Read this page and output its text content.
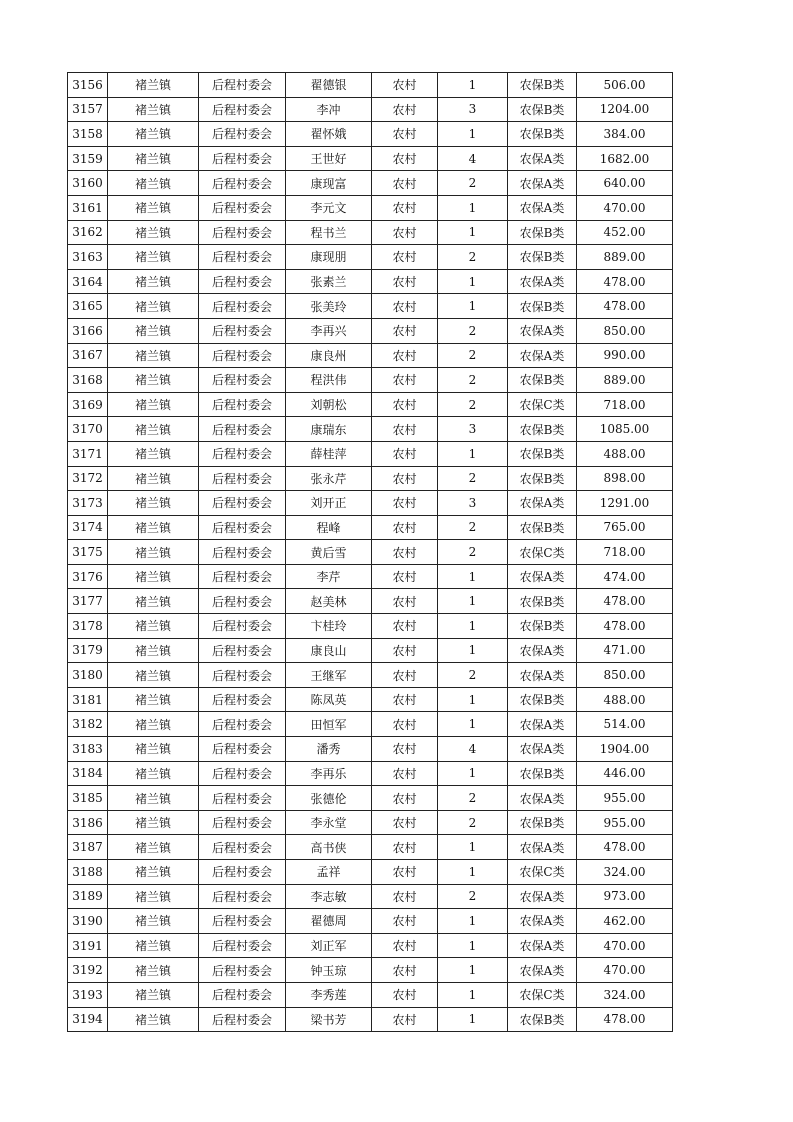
3156	褚兰镇	后程村委会	翟德银	农村	1	农保B类	506.00
3157	褚兰镇	后程村委会	李冲	农村	3	农保B类	1204.00
3158	褚兰镇	后程村委会	翟怀娥	农村	1	农保B类	384.00
3159	褚兰镇	后程村委会	王世好	农村	4	农保A类	1682.00
3160	褚兰镇	后程村委会	康现富	农村	2	农保A类	640.00
3161	褚兰镇	后程村委会	李元文	农村	1	农保A类	470.00
3162	褚兰镇	后程村委会	程书兰	农村	1	农保B类	452.00
3163	褚兰镇	后程村委会	康现朋	农村	2	农保B类	889.00
3164	褚兰镇	后程村委会	张素兰	农村	1	农保A类	478.00
3165	褚兰镇	后程村委会	张美玲	农村	1	农保B类	478.00
3166	褚兰镇	后程村委会	李再兴	农村	2	农保A类	850.00
3167	褚兰镇	后程村委会	康良州	农村	2	农保A类	990.00
3168	褚兰镇	后程村委会	程洪伟	农村	2	农保B类	889.00
3169	褚兰镇	后程村委会	刘朝松	农村	2	农保C类	718.00
3170	褚兰镇	后程村委会	康瑞东	农村	3	农保B类	1085.00
3171	褚兰镇	后程村委会	薛桂萍	农村	1	农保B类	488.00
3172	褚兰镇	后程村委会	张永芹	农村	2	农保B类	898.00
3173	褚兰镇	后程村委会	刘开正	农村	3	农保A类	1291.00
3174	褚兰镇	后程村委会	程峰	农村	2	农保B类	765.00
3175	褚兰镇	后程村委会	黄后雪	农村	2	农保C类	718.00
3176	褚兰镇	后程村委会	李芹	农村	1	农保A类	474.00
3177	褚兰镇	后程村委会	赵美林	农村	1	农保B类	478.00
3178	褚兰镇	后程村委会	卞桂玲	农村	1	农保B类	478.00
3179	褚兰镇	后程村委会	康良山	农村	1	农保A类	471.00
3180	褚兰镇	后程村委会	王继军	农村	2	农保A类	850.00
3181	褚兰镇	后程村委会	陈凤英	农村	1	农保B类	488.00
3182	褚兰镇	后程村委会	田恒军	农村	1	农保A类	514.00
3183	褚兰镇	后程村委会	潘秀	农村	4	农保A类	1904.00
3184	褚兰镇	后程村委会	李再乐	农村	1	农保B类	446.00
3185	褚兰镇	后程村委会	张德伦	农村	2	农保A类	955.00
3186	褚兰镇	后程村委会	李永堂	农村	2	农保B类	955.00
3187	褚兰镇	后程村委会	高书侠	农村	1	农保A类	478.00
3188	褚兰镇	后程村委会	孟祥	农村	1	农保C类	324.00
3189	褚兰镇	后程村委会	李志敏	农村	2	农保A类	973.00
3190	褚兰镇	后程村委会	翟德周	农村	1	农保A类	462.00
3191	褚兰镇	后程村委会	刘正军	农村	1	农保A类	470.00
3192	褚兰镇	后程村委会	钟玉琼	农村	1	农保A类	470.00
3193	褚兰镇	后程村委会	李秀莲	农村	1	农保C类	324.00
3194	褚兰镇	后程村委会	梁书芳	农村	1	农保B类	478.00
